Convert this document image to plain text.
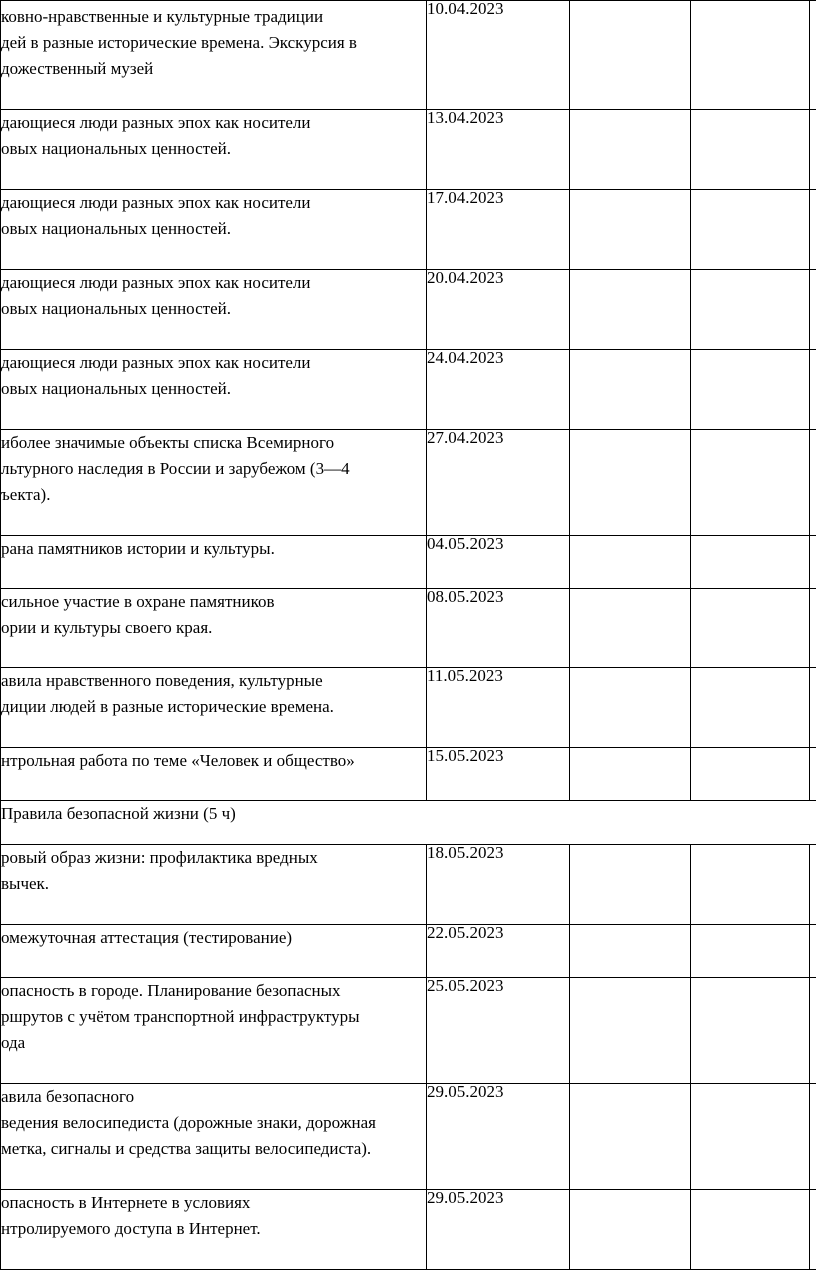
ковно-нравственные и культурные традиции
дей в разные исторические времена. Экскурсия в
дожественный музей	10.04.2023			

дающиеся люди разных эпох как носители
овых национальных ценностей.	13.04.2023			

дающиеся люди разных эпох как носители
овых национальных ценностей.	17.04.2023			

дающиеся люди разных эпох как носители
овых национальных ценностей.	20.04.2023			

дающиеся люди разных эпох как носители
овых национальных ценностей.	24.04.2023			

иболее значимые объекты списка Всемирного
льтурного наследия в России и зарубежом (3—4
ъекта).	27.04.2023			

рана памятников истории и культуры.	04.05.2023			

сильное участие в охране памятников
ории и культуры своего края.	08.05.2023			

авила нравственного поведения, культурные
диции людей в разные исторические времена.	11.05.2023			

нтрольная работа по теме «Человек и общество»	15.05.2023			

Правила безопасной жизни (5 ч)				

ровый образ жизни: профилактика вредных
вычек.	18.05.2023			

омежуточная аттестация (тестирование)	22.05.2023			

опасность в городе. Планирование безопасных
ршрутов с учётом транспортной инфраструктуры
ода	25.05.2023			

авила безопасного
ведения велосипедиста (дорожные знаки, дорожная
метка, сигналы и средства защиты велосипедиста).	29.05.2023			

опасность в Интернете в условиях
нтролируемого доступа в Интернет.	29.05.2023			
